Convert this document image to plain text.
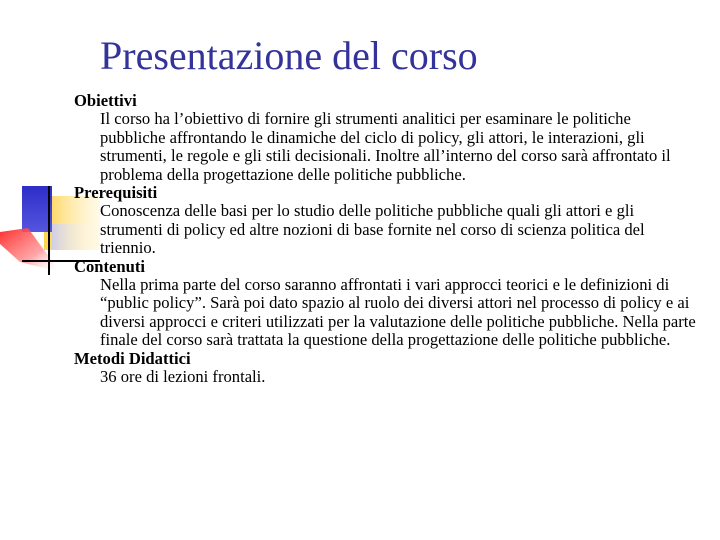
Presentazione del corso

Obiettivi

Il corso ha l’obiettivo di fornire gli strumenti analitici per esaminare le politiche pubbliche affrontando le dinamiche del ciclo di policy, gli attori, le interazioni, gli strumenti, le regole e gli stili decisionali. Inoltre all’interno del corso sarà affrontato il problema della progettazione delle politiche pubbliche.

Prerequisiti

Conoscenza delle basi per lo studio delle politiche pubbliche quali gli attori e gli strumenti di policy ed altre nozioni di base fornite nel corso di scienza politica del triennio.

Contenuti

Nella prima parte del corso saranno affrontati i vari approcci teorici e le definizioni di “public policy”. Sarà poi dato spazio al ruolo dei diversi attori nel processo di policy e ai diversi approcci e criteri utilizzati per la valutazione delle politiche pubbliche. Nella parte finale del corso sarà trattata la questione della progettazione delle politiche pubbliche.

Metodi Didattici

36 ore di lezioni frontali.
